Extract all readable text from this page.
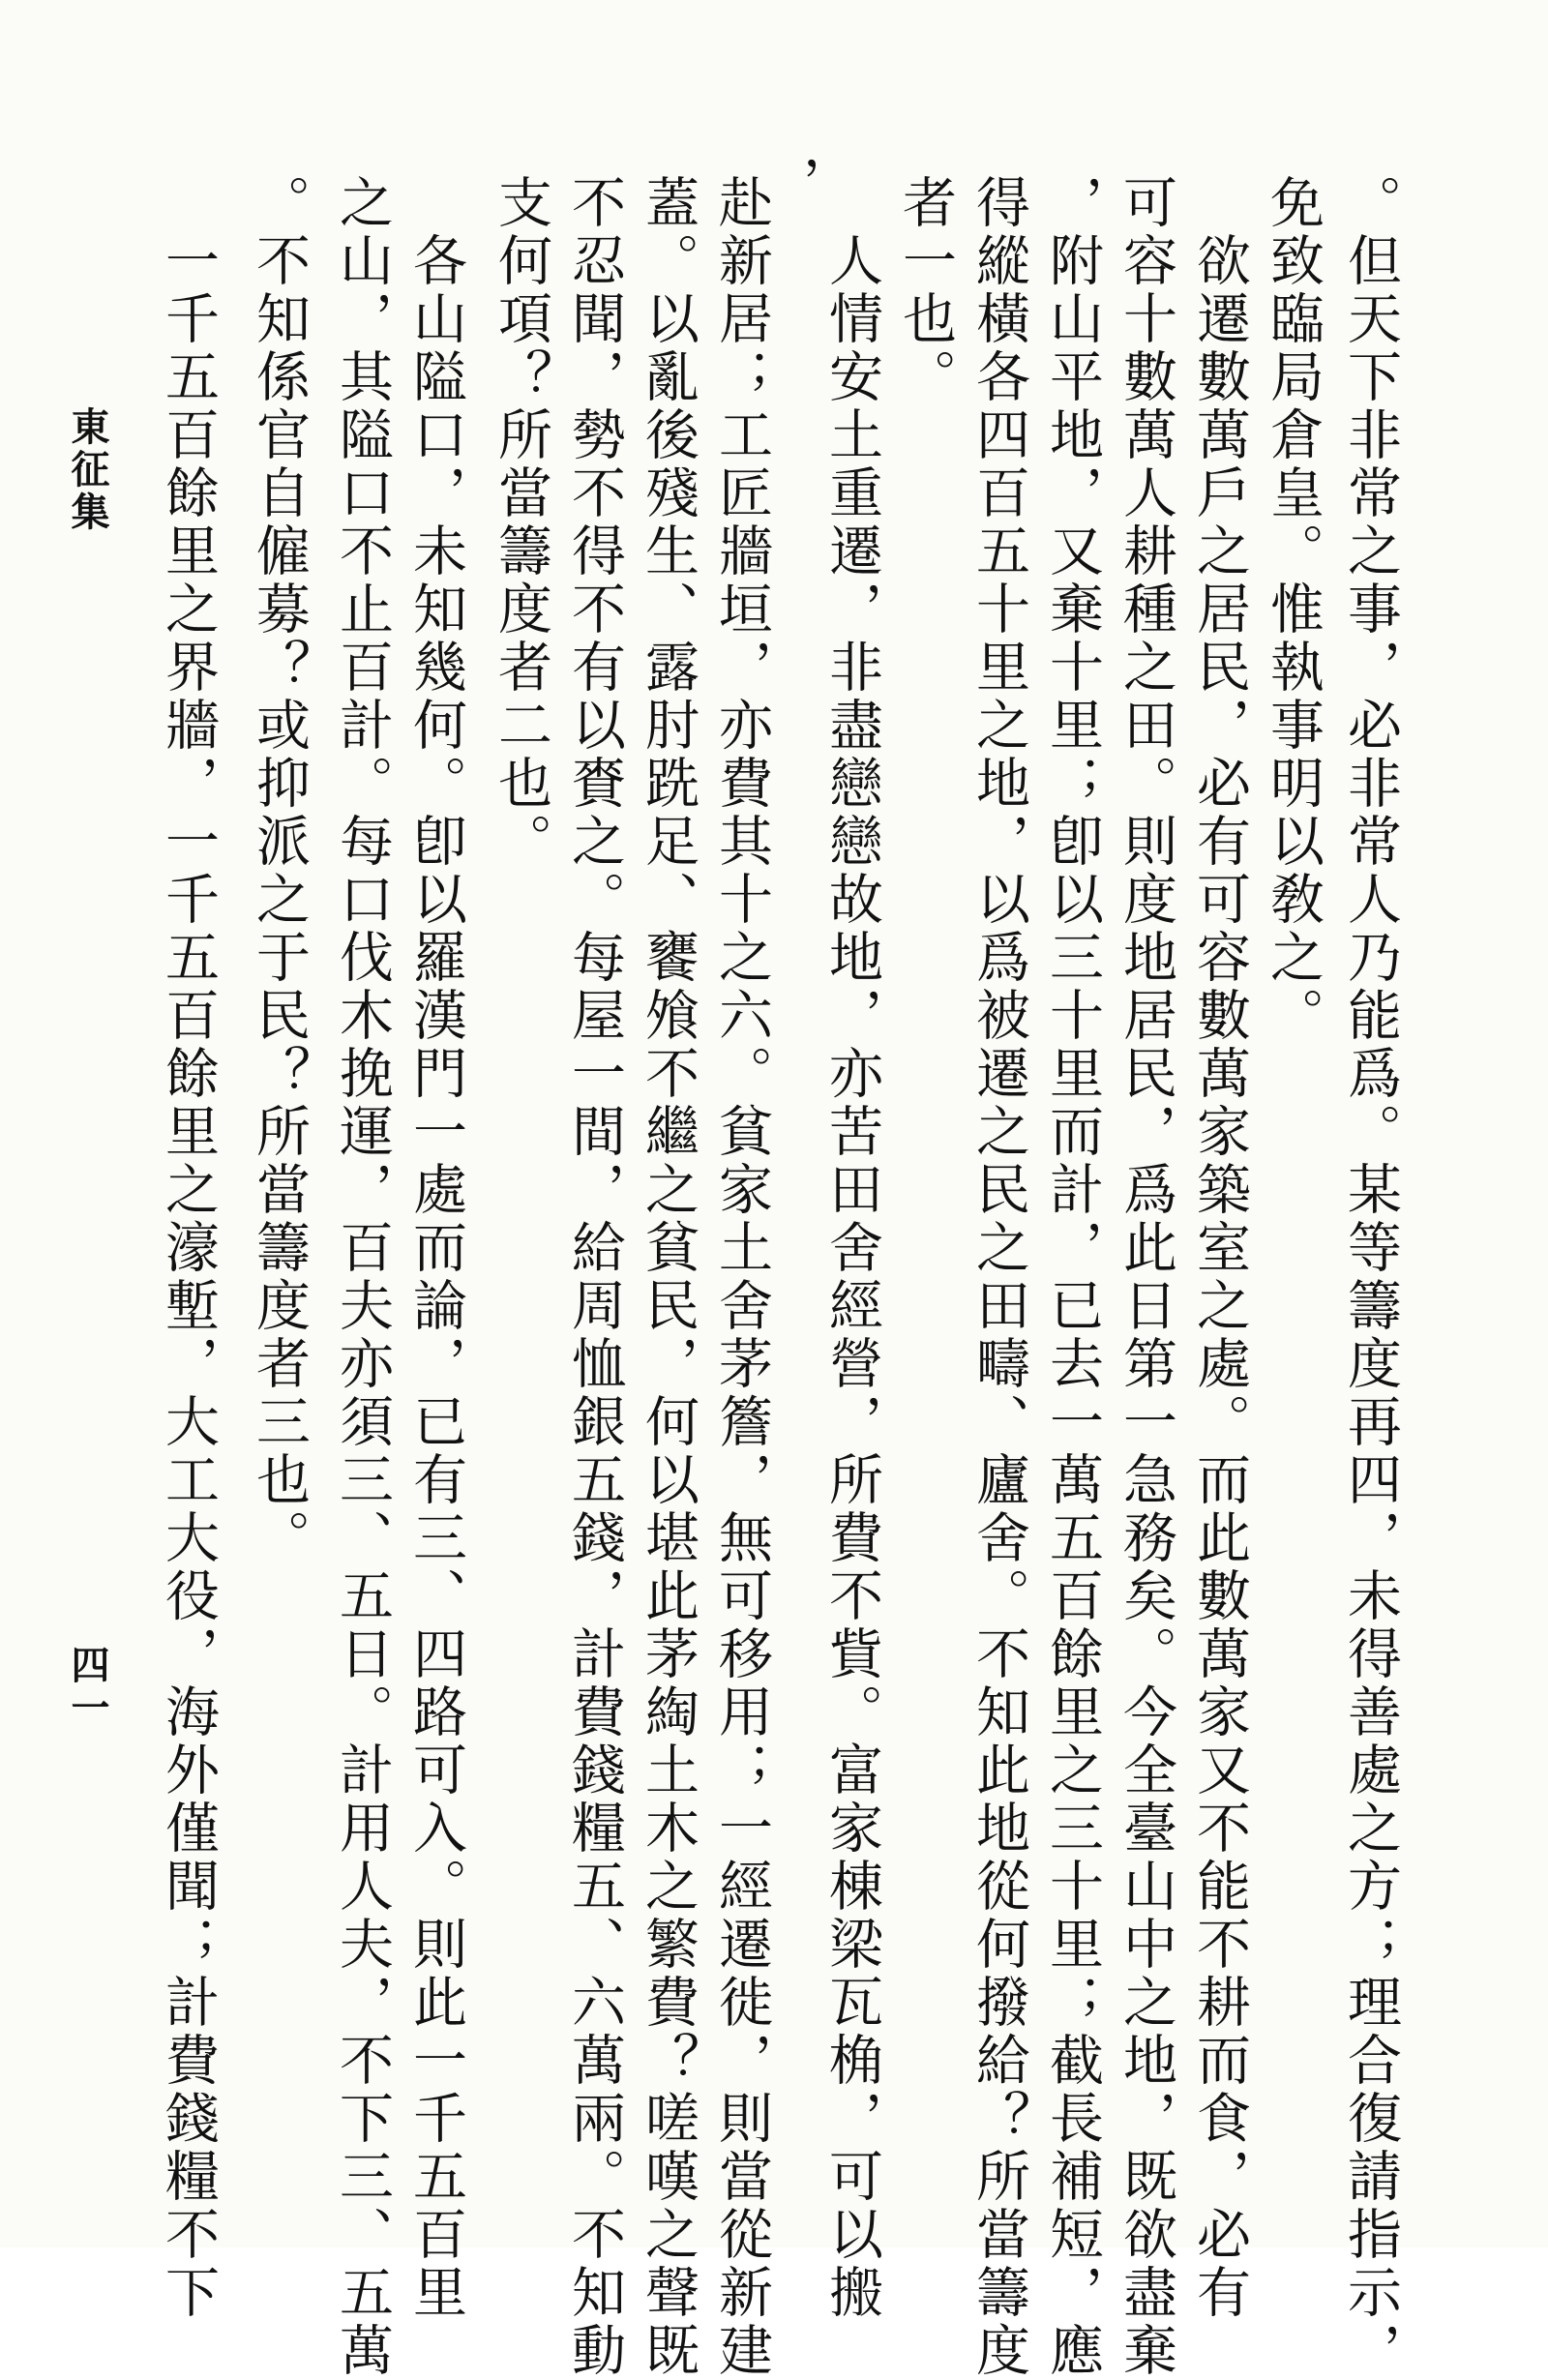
。但天下非常之事，必非常人乃能爲。某等籌度再四，未得善處之方；理合復請指示，
免致臨局倉皇。惟執事明以敎之。
欲遷數萬戶之居民，必有可容數萬家築室之處。而此數萬家又不能不耕而食，必有
可容十數萬人耕種之田。則度地居民，爲此日第一急務矣。今全臺山中之地，既欲盡棄
，附山平地，又棄十里；卽以三十里而計，已去一萬五百餘里之三十里；截長補短，應
得縱橫各四百五十里之地，以爲被遷之民之田疇、廬舍。不知此地從何撥給？所當籌度
者一也。
人情安土重遷，非盡戀戀故地，亦苦田舍經營，所費不貲。富家棟梁瓦桷，可以搬
，
赴新居；工匠牆垣，亦費其十之六。貧家土舍茅簷，無可移用；一經遷徙，則當從新建
蓋。以亂後殘生、露肘跣足、饔飧不繼之貧民，何以堪此茅綯土木之繁費？嗟嘆之聲既
不忍聞，勢不得不有以賚之。每屋一間，給周恤銀五錢，計費錢糧五、六萬兩。不知動
支何項？所當籌度者二也。
各山隘口，未知幾何。卽以羅漢門一處而論，已有三、四路可入。則此一千五百里
之山，其隘口不止百計。每口伐木挽運，百夫亦須三、五日。計用人夫，不下三、五萬
。不知係官自僱募？或抑派之于民？所當籌度者三也。
一千五百餘里之界牆，一千五百餘里之濠塹，大工大役，海外僅聞；計費錢糧不下
東征集
四一
